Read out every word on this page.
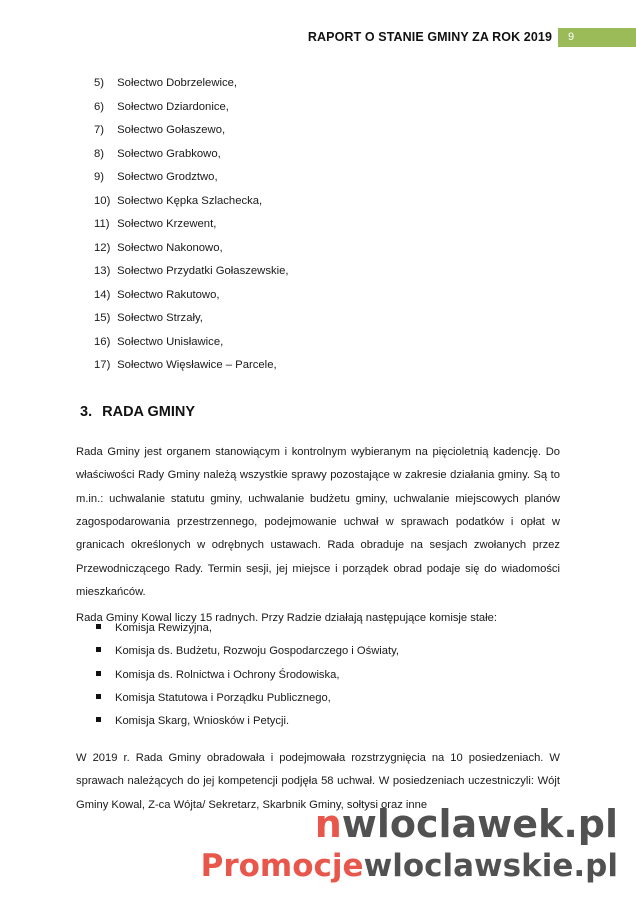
RAPORT O STANIE GMINY ZA ROK 2019	9
5) Sołectwo Dobrzelewice,
6) Sołectwo Dziardonice,
7) Sołectwo Gołaszewo,
8) Sołectwo Grabkowo,
9) Sołectwo Grodztwo,
10) Sołectwo Kępka Szlachecka,
11) Sołectwo Krzewent,
12) Sołectwo Nakonowo,
13) Sołectwo Przydatki Gołaszewskie,
14) Sołectwo Rakutowo,
15) Sołectwo Strzały,
16) Sołectwo Unisławice,
17) Sołectwo Więsławice – Parcele,
3. RADA GMINY

Rada Gminy jest organem stanowiącym i kontrolnym wybieranym na pięcioletnią kadencję. Do właściwości Rady Gminy należą wszystkie sprawy pozostające w zakresie działania gminy. Są to m.in.: uchwalanie statutu gminy, uchwalanie budżetu gminy, uchwalanie miejscowych planów zagospodarowania przestrzennego, podejmowanie uchwał w sprawach podatków i opłat w granicach określonych w odrębnych ustawach. Rada obraduje na sesjach zwołanych przez Przewodniczącego Rady. Termin sesji, jej miejsce i porządek obrad podaje się do wiadomości mieszkańców.

Rada Gminy Kowal liczy 15 radnych. Przy Radzie działają następujące komisje stałe:

Komisja Rewizyjna,
Komisja ds. Budżetu, Rozwoju Gospodarczego i Oświaty,
Komisja ds. Rolnictwa i Ochrony Środowiska,
Komisja Statutowa i Porządku Publicznego,
Komisja Skarg, Wniosków i Petycji.

W 2019 r. Rada Gminy obradowała i podejmowała rozstrzygnięcia na 10 posiedzeniach. W sprawach należących do jej kompetencji podjęła 58 uchwał. W posiedzeniach uczestniczyli: Wójt Gminy Kowal, Z-ca Wójta/ Sekretarz, Skarbnik Gminy, sołtysi oraz inne

nwloclawek.pl
Promocjewloclawskie.pl
